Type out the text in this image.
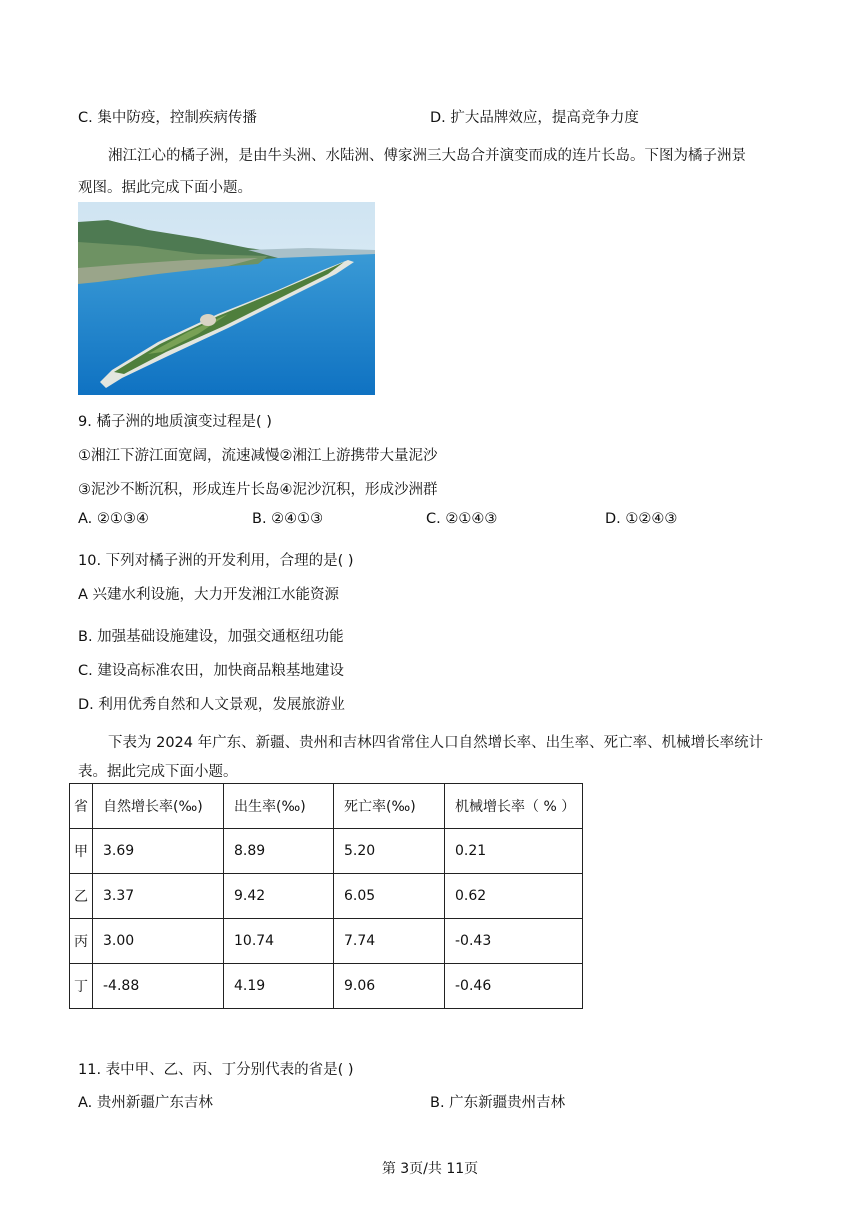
C. 集中防疫，控制疾病传播	D. 扩大品牌效应，提高竞争力度
湘江江心的橘子洲，是由牛头洲、水陆洲、傅家洲三大岛合并演变而成的连片长岛。下图为橘子洲景
观图。据此完成下面小题。
9. 橘子洲的地质演变过程是( )
①湘江下游江面宽阔，流速减慢②湘江上游携带大量泥沙
③泥沙不断沉积，形成连片长岛④泥沙沉积，形成沙洲群
A. ②①③④	B. ②④①③	C. ②①④③	D. ①②④③
10. 下列对橘子洲的开发利用，合理的是( )
A 兴建水利设施，大力开发湘江水能资源
B. 加强基础设施建设，加强交通枢纽功能
C. 建设高标准农田，加快商品粮基地建设
D. 利用优秀自然和人文景观，发展旅游业
下表为 2024 年广东、新疆、贵州和吉林四省常住人口自然增长率、出生率、死亡率、机械增长率统计
表。据此完成下面小题。
省	自然增长率(‰)	出生率(‰)	死亡率(‰)	机械增长率（ % ）
甲	3.69	8.89	5.20	0.21
乙	3.37	9.42	6.05	0.62
丙	3.00	10.74	7.74	-0.43
丁	-4.88	4.19	9.06	-0.46
11. 表中甲、乙、丙、丁分别代表的省是( )
A. 贵州新疆广东吉林	B. 广东新疆贵州吉林
第 3页/共 11页
